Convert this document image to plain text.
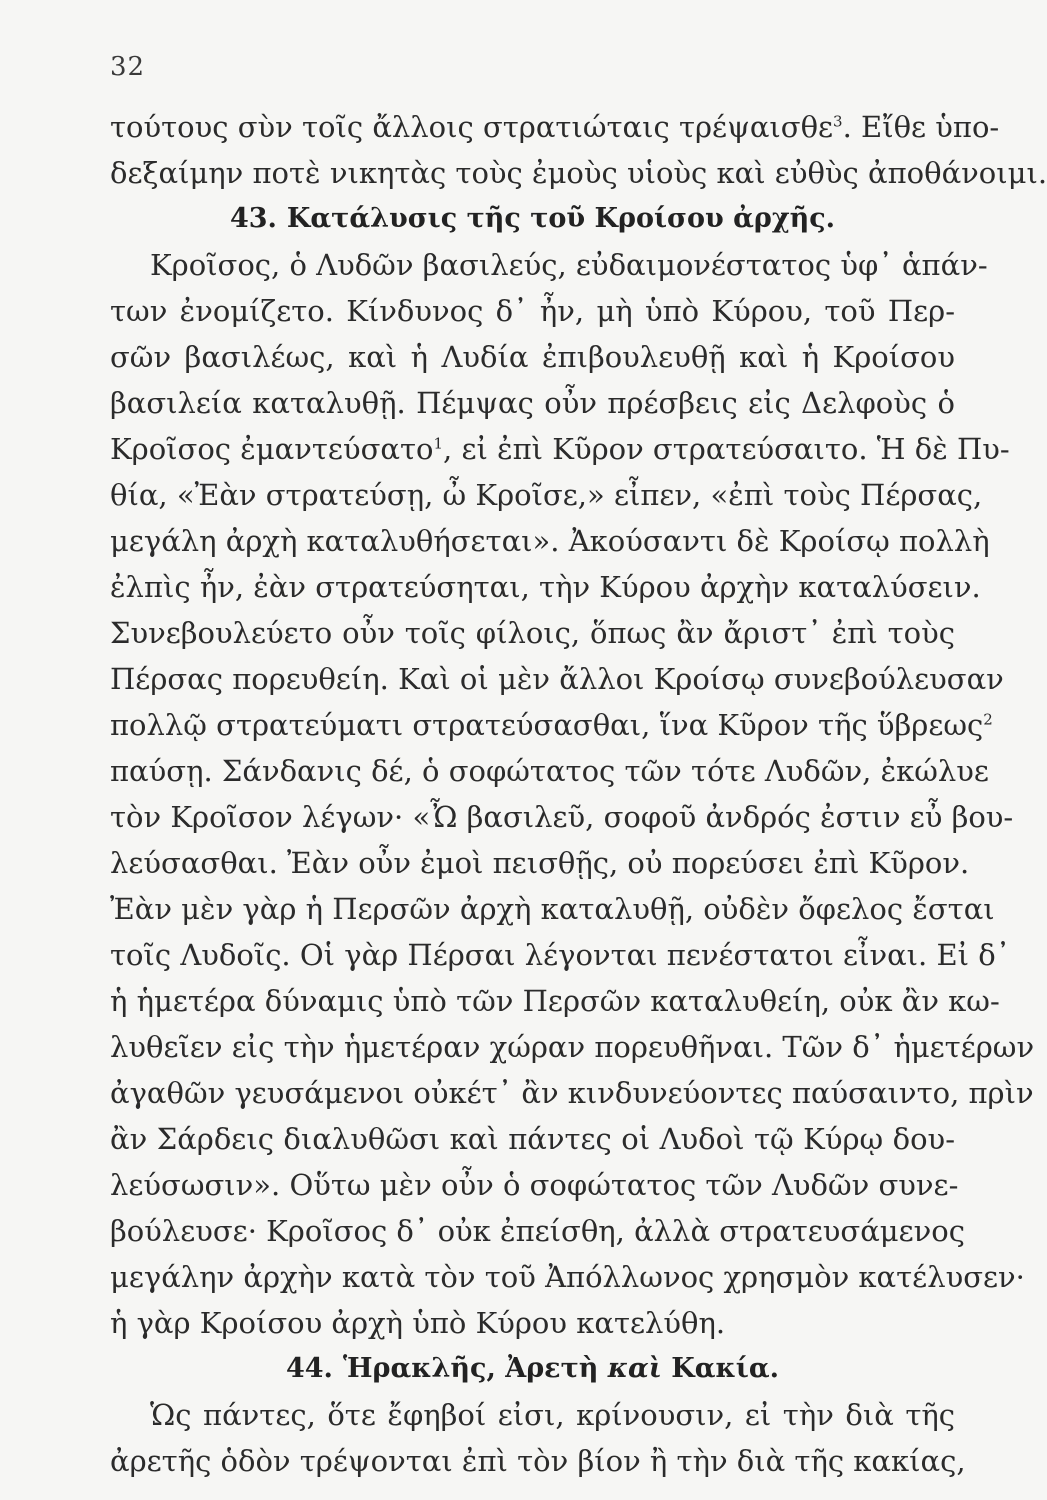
32
τούτους σὺν τοῖς ἄλλοις στρατιώταις τρέψαισθε$^3$. Εἴθε ὑπο-
δεξαίμην ποτὲ νικητὰς τοὺς ἐμοὺς υἱοὺς καὶ εὐθὺς ἀποθάνοιμι.
43. Κατάλυσις τῆς τοῦ Κροίσου ἀρχῆς.
Κροῖσος, ὁ Λυδῶν βασιλεύς, εὐδαιμονέστατος ὑφ᾿ ἁπάν-
των ἐνομίζετο. Κίνδυνος δ᾿ ἦν, μὴ ὑπὸ Κύρου, τοῦ Περ-
σῶν βασιλέως, καὶ ἡ Λυδία ἐπιβουλευθῇ καὶ ἡ Κροίσου
βασιλεία καταλυθῇ. Πέμψας οὖν πρέσβεις εἰς Δελφοὺς ὁ
Κροῖσος ἐμαντεύσατο$^1$, εἰ ἐπὶ Κῦρον στρατεύσαιτο. Ἡ δὲ Πυ-
θία, «Ἐὰν στρατεύσῃ, ὦ Κροῖσε,» εἶπεν, «ἐπὶ τοὺς Πέρσας,
μεγάλη ἀρχὴ καταλυθήσεται». Ἀκούσαντι δὲ Κροίσῳ πολλὴ
ἐλπὶς ἦν, ἐὰν στρατεύσηται, τὴν Κύρου ἀρχὴν καταλύσειν.
Συνεβουλεύετο οὖν τοῖς φίλοις, ὅπως ἂν ἄριστ᾿ ἐπὶ τοὺς
Πέρσας πορευθείη. Καὶ οἱ μὲν ἄλλοι Κροίσῳ συνεβούλευσαν
πολλῷ στρατεύματι στρατεύσασθαι, ἵνα Κῦρον τῆς ὕβρεως$^2$
παύσῃ. Σάνδανις δέ, ὁ σοφώτατος τῶν τότε Λυδῶν, ἐκώλυε
τὸν Κροῖσον λέγων· «Ὦ βασιλεῦ, σοφοῦ ἀνδρός ἐστιν εὖ βου-
λεύσασθαι. Ἐὰν οὖν ἐμοὶ πεισθῇς, οὐ πορεύσει ἐπὶ Κῦρον.
Ἐὰν μὲν γὰρ ἡ Περσῶν ἀρχὴ καταλυθῇ, οὐδὲν ὄφελος ἔσται
τοῖς Λυδοῖς. Οἱ γὰρ Πέρσαι λέγονται πενέστατοι εἶναι. Εἰ δ᾿
ἡ ἡμετέρα δύναμις ὑπὸ τῶν Περσῶν καταλυθείη, οὐκ ἂν κω-
λυθεῖεν εἰς τὴν ἡμετέραν χώραν πορευθῆναι. Τῶν δ᾿ ἡμετέρων
ἀγαθῶν γευσάμενοι οὐκέτ᾿ ἂν κινδυνεύοντες παύσαιντο, πρὶν
ἂν Σάρδεις διαλυθῶσι καὶ πάντες οἱ Λυδοὶ τῷ Κύρῳ δου-
λεύσωσιν». Οὕτω μὲν οὖν ὁ σοφώτατος τῶν Λυδῶν συνε-
βούλευσε· Κροῖσος δ᾿ οὐκ ἐπείσθη, ἀλλὰ στρατευσάμενος
μεγάλην ἀρχὴν κατὰ τὸν τοῦ Ἀπόλλωνος χρησμὸν κατέλυσεν·
ἡ γὰρ Κροίσου ἀρχὴ ὑπὸ Κύρου κατελύθη.
44. Ἡρακλῆς, Ἀρετὴ καὶ Κακία.
Ὡς πάντες, ὅτε ἔφηβοί εἰσι, κρίνουσιν, εἰ τὴν διὰ τῆς
ἀρετῆς ὁδὸν τρέψονται ἐπὶ τὸν βίον ἢ τὴν διὰ τῆς κακίας,
